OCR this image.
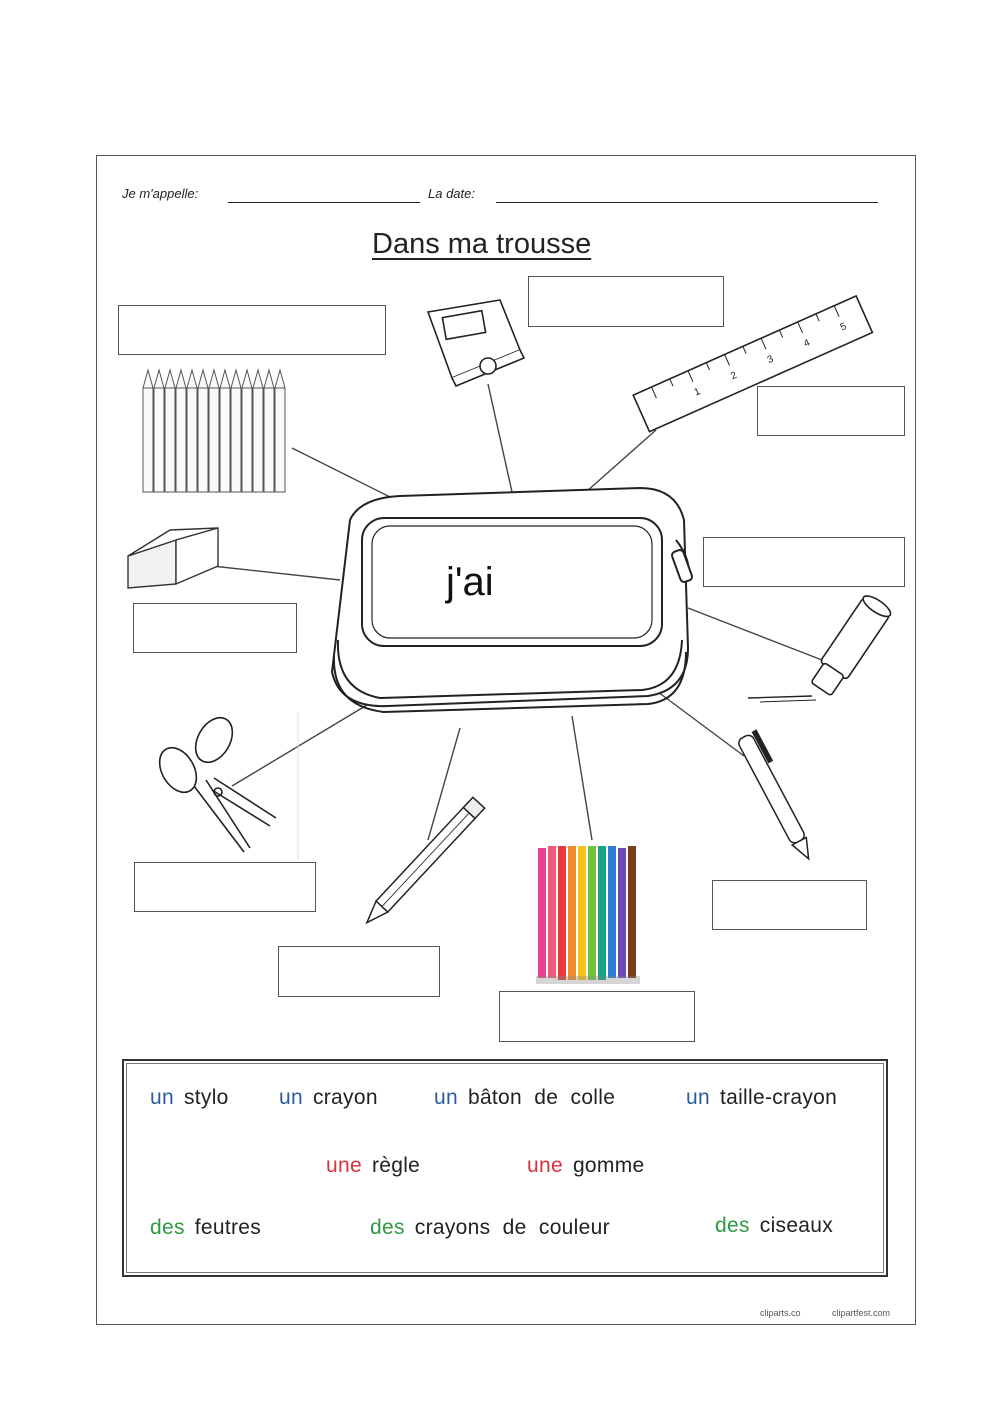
Je m'appelle:	La date:
Dans ma trousse
1
2
3
4
5
j'ai
un stylo un crayon	un bâton  de  colle	un taille-crayon
une règle	une gomme
des feutres	des crayons  de  couleur	des ciseaux
cliparts.co	clipartfest.com
